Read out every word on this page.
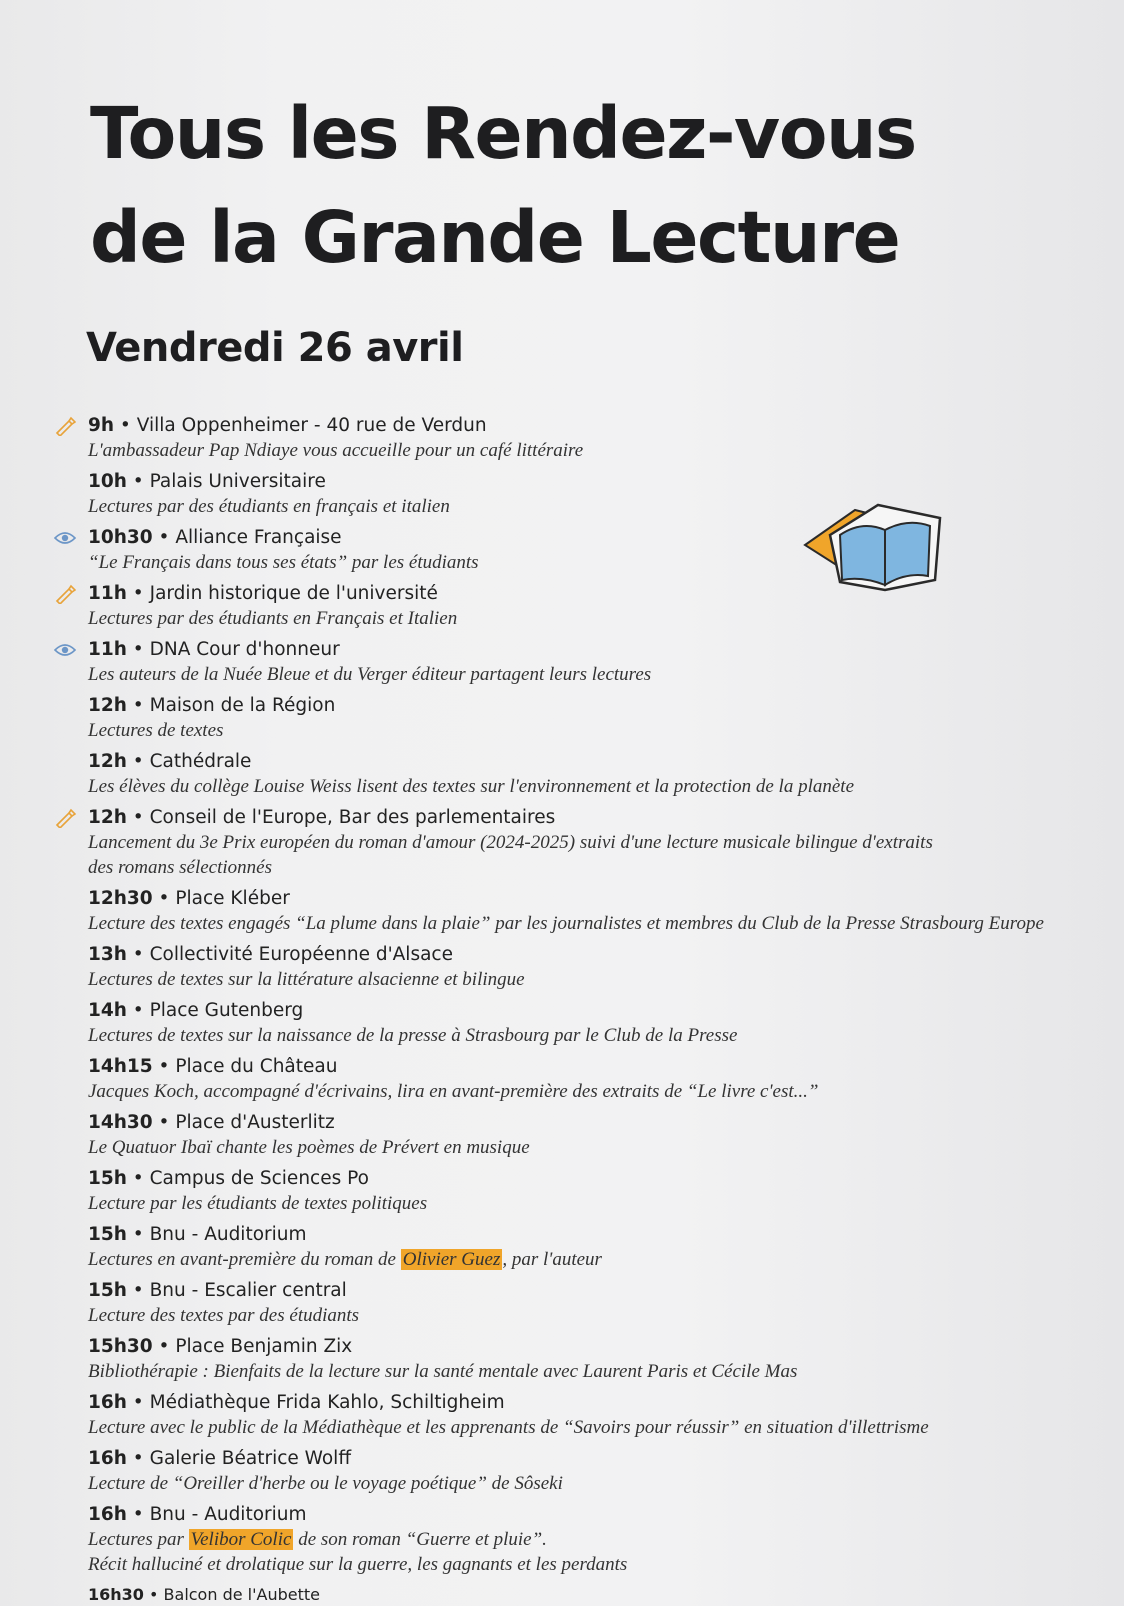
Tous les Rendez-vous
de la Grande Lecture
Vendredi 26 avril
9h • Villa Oppenheimer - 40 rue de Verdun
L'ambassadeur Pap Ndiaye vous accueille pour un café littéraire
10h • Palais Universitaire
Lectures par des étudiants en français et italien
10h30 • Alliance Française
“Le Français dans tous ses états” par les étudiants
11h • Jardin historique de l'université
Lectures par des étudiants en Français et Italien
11h • DNA Cour d'honneur
Les auteurs de la Nuée Bleue et du Verger éditeur partagent leurs lectures
12h • Maison de la Région
Lectures de textes
12h • Cathédrale
Les élèves du collège Louise Weiss lisent des textes sur l'environnement et la protection de la planète
12h • Conseil de l'Europe, Bar des parlementaires
Lancement du 3e Prix européen du roman d'amour (2024-2025) suivi d'une lecture musicale bilingue d'extraits
des romans sélectionnés
12h30 • Place Kléber
Lecture des textes engagés “La plume dans la plaie” par les journalistes et membres du Club de la Presse Strasbourg Europe
13h • Collectivité Européenne d'Alsace
Lectures de textes sur la littérature alsacienne et bilingue
14h • Place Gutenberg
Lectures de textes sur la naissance de la presse à Strasbourg par le Club de la Presse
14h15 • Place du Château
Jacques Koch, accompagné d'écrivains, lira en avant-première des extraits de “Le livre c'est...”
14h30 • Place d'Austerlitz
Le Quatuor Ibaï chante les poèmes de Prévert en musique
15h • Campus de Sciences Po
Lecture par les étudiants de textes politiques
15h • Bnu - Auditorium
Lectures en avant-première du roman de Olivier Guez , par l'auteur
15h • Bnu - Escalier central
Lecture des textes par des étudiants
15h30 • Place Benjamin Zix
Bibliothérapie : Bienfaits de la lecture sur la santé mentale avec Laurent Paris et Cécile Mas
16h • Médiathèque Frida Kahlo, Schiltigheim
Lecture avec le public de la Médiathèque et les apprenants de “Savoirs pour réussir” en situation d'illettrisme
16h • Galerie Béatrice Wolff
Lecture de “Oreiller d'herbe ou le voyage poétique” de Sôseki
16h • Bnu - Auditorium
Lectures par Velibor Colic de son roman “Guerre et pluie”.
Récit halluciné et drolatique sur la guerre, les gagnants et les perdants
16h30 • Balcon de l'Aubette
